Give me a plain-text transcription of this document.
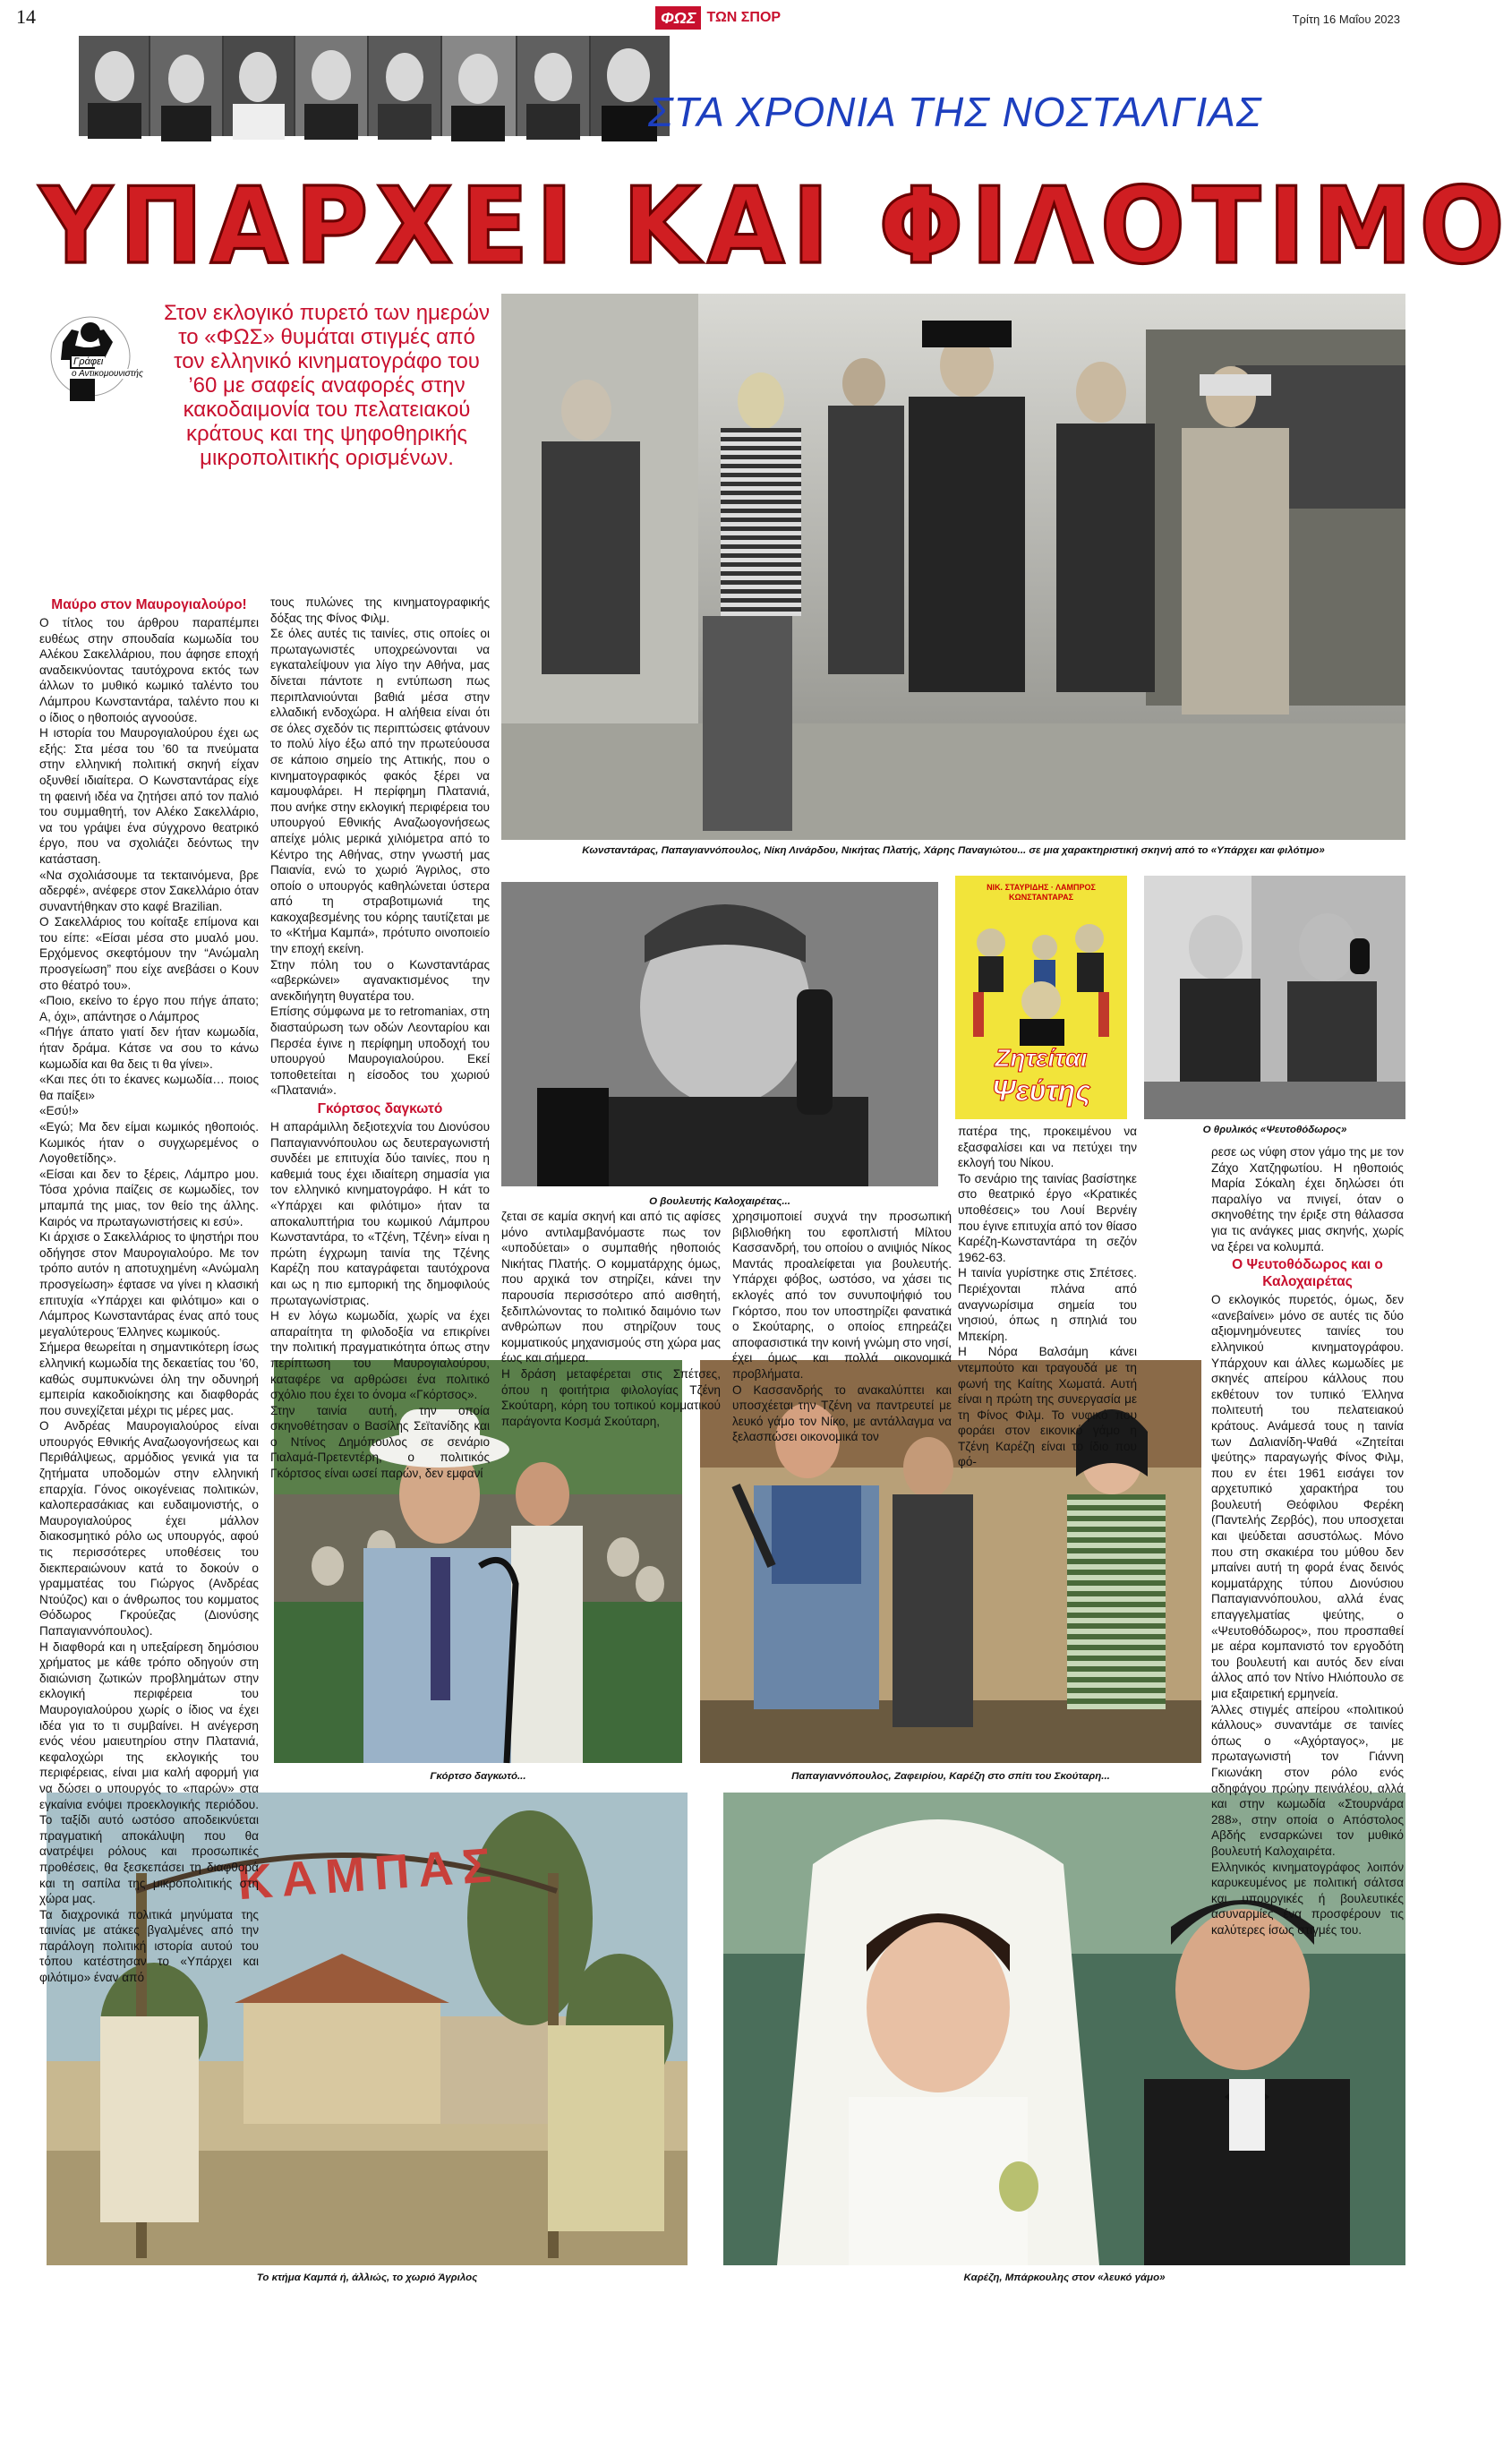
14	ΦΩΣ ΤΩΝ ΣΠΟΡ	Τρίτη 16 Μαΐου 2023
ΣΤΑ ΧΡΟΝΙΑ ΤΗΣ ΝΟΣΤΑΛΓΙΑΣ
ΥΠΑΡΧΕΙ ΚΑΙ ΦΙΛΟΤΙΜΟ
Γράφει
ο Αντικομουνιστής
Στον εκλογικό πυρετό των ημερών το «ΦΩΣ» θυμάται στιγμές από τον ελληνικό κινηματογράφο του ’60 με σαφείς αναφορές στην κακοδαιμονία του πελατειακού κράτους και της ψηφοθηρικής μικροπολιτικής ορισμένων.
Κωνσταντάρας, Παπαγιαννόπουλος, Νίκη Λινάρδου, Νικήτας Πλατής, Χάρης Παναγιώτου... σε μια χαρακτηριστική σκηνή από το «Υπάρχει και φιλότιμο»
Ο βουλευτής Καλοχαιρέτας...
ΝΙΚ. ΣΤΑΥΡΙΔΗΣ · ΛΑΜΠΡΟΣ ΚΩΝΣΤΑΝΤΑΡΑΣ
Ζητείται
Ψεύτης
Ο θρυλικός «Ψευτοθόδωρος»
Γκόρτσο δαγκωτό...	Παπαγιαννόπουλος, Ζαφειρίου, Καρέζη στο σπίτι του Σκούταρη...
ΚΑΜΠΑΣ
Το κτήμα Καμπά ή, άλλιώς, το χωριό Άγριλος	Καρέζη, Μπάρκουλης στον «λευκό γάμο»
Μαύρο στον Μαυρογιαλούρο!

Ο τίτλος του άρθρου παραπέμπει ευθέως στην σπουδαία κωμωδία του Αλέκου Σακελλάριου, που άφησε εποχή αναδεικνύοντας ταυτόχρονα εκτός των άλλων το μυθικό κωμικό ταλέντο του Λάμπρου Κωνσταντάρα, ταλέντο που κι ο ίδιος ο ηθοποιός αγνοούσε.

Η ιστορία του Μαυρογιαλούρου έχει ως εξής: Στα μέσα του ’60 τα πνεύματα στην ελληνική πολιτική σκηνή είχαν οξυνθεί ιδιαίτερα. Ο Κωνσταντάρας είχε τη φαεινή ιδέα να ζητήσει από τον παλιό του συμμαθητή, τον Αλέκο Σακελλάριο, να του γράψει ένα σύγχρονο θεατρικό έργο, που να σχολιάζει δεόντως την κατάσταση.

«Να σχολιάσουμε τα τεκταινόμενα, βρε αδερφέ», ανέφερε στον Σακελλάριο όταν συναντήθηκαν στο καφέ Brazilian.

Ο Σακελλάριος του κοίταξε επίμονα και του είπε: «Είσαι μέσα στο μυαλό μου. Ερχόμενος σκεφτόμουν την “Ανώμαλη προσγείωση” που είχε ανεβάσει ο Κουν στο θέατρό του».

«Ποιο, εκείνο το έργο που πήγε άπατο; Α, όχι», απάντησε ο Λάμπρος

«Πήγε άπατο γιατί δεν ήταν κωμωδία, ήταν δράμα. Κάτσε να σου το κάνω κωμωδία και θα δεις τι θα γίνει».

«Και πες ότι το έκανες κωμωδία… ποιος θα παίξει»

«Εσύ!»

«Εγώ; Μα δεν είμαι κωμικός ηθοποιός. Κωμικός ήταν ο συγχωρεμένος ο Λογοθετίδης».

«Είσαι και δεν το ξέρεις, Λάμπρο μου. Τόσα χρόνια παίζεις σε κωμωδίες, τον μπαμπά της μιας, τον θείο της άλλης. Καιρός να πρωταγωνιστήσεις κι εσύ».

Κι άρχισε ο Σακελλάριος το ψηστήρι που οδήγησε στον Μαυρογιαλούρο. Με τον τρόπο αυτόν η αποτυχημένη «Ανώμαλη προσγείωση» έφτασε να γίνει η κλασική επιτυχία «Υπάρχει και φιλότιμο» και ο Λάμπρος Κωνσταντάρας ένας από τους μεγαλύτερους Έλληνες κωμικούς.

Σήμερα θεωρείται η σημαντικότερη ίσως ελληνική κωμωδία της δεκαετίας του ’60, καθώς συμπυκνώνει όλη την οδυνηρή εμπειρία κακοδιοίκησης και διαφθοράς που συνεχίζεται μέχρι τις μέρες μας.

Ο Ανδρέας Μαυρογιαλούρος είναι υπουργός Εθνικής Αναζωογονήσεως και Περιθάλψεως, αρμόδιος γενικά για τα ζητήματα υποδομών στην ελληνική επαρχία. Γόνος οικογένειας πολιτικών, καλοπερασάκιας και ευδαιμονιστής, ο Μαυρογιαλούρος έχει μάλλον διακοσμητικό ρόλο ως υπουργός, αφού τις περισσότερες υποθέσεις του διεκπεραιώνουν κατά το δοκούν ο γραμματέας του Γιώργος (Ανδρέας Ντούζος) και ο άνθρωπος του κομματος Θόδωρος Γκρούεζας (Διονύσης Παπαγιαννόπουλος).

Η διαφθορά και η υπεξαίρεση δημόσιου χρήματος με κάθε τρόπο οδηγούν στη διαιώνιση ζωτικών προβλημάτων στην εκλογική περιφέρεια του Μαυρογιαλούρου χωρίς ο ίδιος να έχει ιδέα για το τι συμβαίνει. Η ανέγερση ενός νέου μαιευτηρίου στην Πλατανιά, κεφαλοχώρι της εκλογικής του περιφέρειας, είναι μια καλή αφορμή για να δώσει ο υπουργός το «παρών» στα εγκαίνια ενόψει προεκλογικής περιόδου. Το ταξίδι αυτό ωστόσο αποδεικνύεται πραγματική αποκάλυψη που θα ανατρέψει ρόλους και προσωπικές προθέσεις, θα ξεσκεπάσει τη διαφθορά και τη σαπίλα της μικροπολιτικής στη χώρα μας.

Τα διαχρονικά πολιτικά μηνύματα της ταινίας με ατάκες βγαλμένες από την παράλογη πολιτική ιστορία αυτού του τόπου κατέστησαν το «Υπάρχει και φιλότιμο» έναν από

τους πυλώνες της κινηματογραφικής δόξας της Φίνος Φιλμ.

Σε όλες αυτές τις ταινίες, στις οποίες οι πρωταγωνιστές υποχρεώνονται να εγκαταλείψουν για λίγο την Αθήνα, μας δίνεται πάντοτε η εντύπωση πως περιπλανιούνται βαθιά μέσα στην ελλαδική ενδοχώρα. Η αλήθεια είναι ότι σε όλες σχεδόν τις περιπτώσεις φτάνουν το πολύ λίγο έξω από την πρωτεύουσα σε κάποιο σημείο της Αττικής, που ο κινηματογραφικός φακός ξέρει να καμουφλάρει. Η περίφημη Πλατανιά, που ανήκε στην εκλογική περιφέρεια του υπουργού Εθνικής Αναζωογονήσεως απείχε μόλις μερικά χιλιόμετρα από το Κέντρο της Αθήνας, στην γνωστή μας Παιανία, ενώ το χωριό Άγριλος, στο οποίο ο υπουργός καθηλώνεται ύστερα από τη στραβοτιμωνιά της κακοχαβεσμένης του κόρης ταυτίζεται με το «Κτήμα Καμπά», πρότυπο οινοποιείο την εποχή εκείνη.

Στην πόλη του ο Κωνσταντάρας «αβερκώνει» αγανακτισμένος την ανεκδιήγητη θυγατέρα του.

Επίσης σύμφωνα με το retromaniax, στη διασταύρωση των οδών Λεονταρίου και Περσέα έγινε η περίφημη υποδοχή του υπουργού Μαυρογιαλούρου. Εκεί τοποθετείται η είσοδος του χωριού «Πλατανιά».

Γκόρτσος δαγκωτό

Η απαράμιλλη δεξιοτεχνία του Διονύσου Παπαγιαννόπουλου ως δευτεραγωνιστή συνδέει με επιτυχία δύο ταινίες, που η καθεμιά τους έχει ιδιαίτερη σημασία για τον ελληνικό κινηματογράφο. Η κάτ το «Υπάρχει και φιλότιμο» ήταν τα αποκαλυπτήρια του κωμικού Λάμπρου Κωνσταντάρα, το «Τζένη, Τζένη» είναι η πρώτη έγχρωμη ταινία της Τζένης Καρέζη που καταγράφεται ταυτόχρονα και ως η πιο εμπορική της δημοφιλούς πρωταγωνίστριας.

Η εν λόγω κωμωδία, χωρίς να έχει απαραίτητα τη φιλοδοξία να επικρίνει την πολιτική πραγματικότητα όπως στην περίπτωση του Μαυρογιαλούρου, καταφέρε να αρθρώσει ένα πολιτικό σχόλιο που έχει το όνομα «Γκόρτσος».

Στην ταινία αυτή, την οποία σκηνοθέτησαν ο Βασίλης Σεϊτανίδης και ο Ντίνος Δημόπουλος σε σενάριο Γιαλαμά-Πρετεντέρη, ο πολιτικός Γκόρτσος είναι ωσεί παρών, δεν εμφανί

ζεται σε καμία σκηνή και από τις αφίσες μόνο αντιλαμβανόμαστε πως τον «υποδύεται» ο συμπαθής ηθοποιός Νικήτας Πλατής. Ο κομματάρχης όμως, που αρχικά τον στηρίζει, κάνει την παρουσία περισσότερο από αισθητή, ξεδιπλώνοντας το πολιτικό δαιμόνιο των ανθρώπων που στηρίζουν τους κομματικούς μηχανισμούς στη χώρα μας έως και σήμερα.

Η δράση μεταφέρεται στις Σπέτσες, όπου η φοιτήτρια φιλολογίας Τζένη Σκούταρη, κόρη του τοπικού κομματικού παράγοντα Κοσμά Σκούταρη,

χρησιμοποιεί συχνά την προσωπική βιβλιοθήκη του εφοπλιστή Μίλτου Κασσανδρή, του οποίου ο ανιψιός Νίκος Μαντάς προαλείφεται για βουλευτής. Υπάρχει φόβος, ωστόσο, να χάσει τις εκλογές από τον συνυποψήφιό του Γκόρτσο, που τον υποστηρίζει φανατικά ο Σκούταρης, ο οποίος επηρεάζει αποφασιστικά την κοινή γνώμη στο νησί, έχει όμως και πολλά οικονομικά προβλήματα.

Ο Κασσανδρής το ανακαλύπτει και υποσχέεται την Τζένη να παντρευτεί με λευκό γάμο τον Νίκο, με αντάλλαγμα να ξελασπώσει οικονομικά τον

πατέρα της, προκειμένου να εξασφαλίσει και να πετύχει την εκλογή του Νίκου.

Το σενάριο της ταινίας βασίστηκε στο θεατρικό έργο «Κρατικές υποθέσεις» του Λουί Βερνέιγ που έγινε επιτυχία από τον θίασο Καρέζη-Κωνσταντάρα τη σεζόν 1962-63.

Η ταινία γυρίστηκε στις Σπέτσες. Περιέχονται πλάνα από αναγνωρίσιμα σημεία του νησιού, όπως η σπηλιά του Μπεκίρη.

Η Νόρα Βαλσάμη κάνει ντεμπούτο και τραγουδά με τη φωνή της Καίτης Χωματά. Αυτή είναι η πρώτη της συνεργασία με τη Φίνος Φιλμ. Το νυφικό που φοράει στον εικονικό γάμο η Τζένη Καρέζη είναι το ίδιο που φό-

ρεσε ως νύφη στον γάμο της με τον Ζάχο Χατζηφωτίου. Η ηθοποιός Μαρία Σόκαλη έχει δηλώσει ότι παραλίγο να πνιγεί, όταν ο σκηνοθέτης την έριξε στη θάλασσα για τις ανάγκες μιας σκηνής, χωρίς να ξέρει να κολυμπά.

Ο Ψευτοθόδωρος και ο Καλοχαιρέτας

Ο εκλογικός πυρετός, όμως, δεν «ανεβαίνει» μόνο σε αυτές τις δύο αξιομνημόνευτες ταινίες του ελληνικού κινηματογράφου. Υπάρχουν και άλλες κωμωδίες με σκηνές απείρου κάλλους που εκθέτουν τον τυπικό Έλληνα πολιτευτή του πελατειακού κράτους. Ανάμεσά τους η ταινία των Δαλιανίδη-Ψαθά «Ζητείται ψεύτης» παραγωγής Φίνος Φιλμ, που εν έτει 1961 εισάγει τον αρχετυπικό χαρακτήρα του βουλευτή Θεόφιλου Φερέκη (Παντελής Ζερβός), που υποσχεται και ψεύδεται ασυστόλως. Μόνο που στη σκακιέρα του μύθου δεν μπαίνει αυτή τη φορά ένας δεινός κομματάρχης τύπου Διονύσιου Παπαγιαννόπουλου, αλλά ένας επαγγελματίας ψεύτης, ο «Ψευτοθόδωρος», που προσπαθεί με αέρα κομπανιστό τον εργοδότη του βουλευτή και αυτός δεν είναι άλλος από τον Ντίνο Ηλιόπουλο σε μια εξαιρετική ερμηνεία.

Άλλες στιγμές απείρου «πολιτικού κάλλους» συναντάμε σε ταινίες όπως ο «Αχόρταγος», με πρωταγωνιστή τον Γιάννη Γκιωνάκη στον ρόλο ενός αδηφάγου πρώην πεινάλέου, αλλά και στην κωμωδία «Στουρνάρα 288», στην οποία ο Απόστολος Αβδής ενσαρκώνει τον μυθικό βουλευτή Καλοχαιρέτα.

Ελληνικός κινηματογράφος λοιπόν καρυκευμένος με πολιτική σάλτσα και υπουργικές ή βουλευτικές ασυναρμίες ένα προσφέρουν τις καλύτερες ίσως στιγμές του.
